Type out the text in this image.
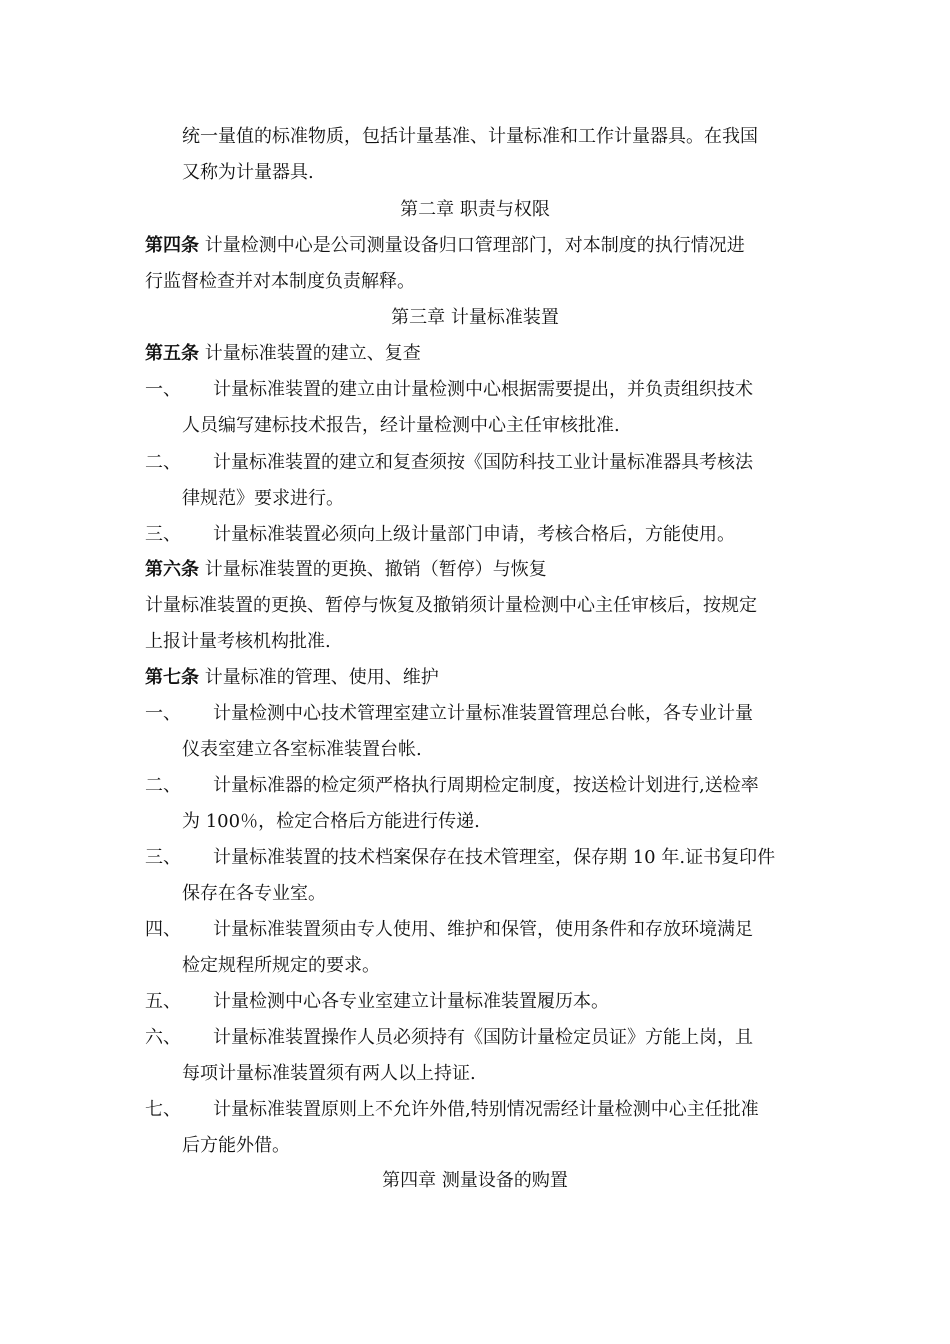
统一量值的标准物质，包括计量基准、计量标准和工作计量器具。在我国
又称为计量器具.
第二章 职责与权限
第四条 计量检测中心是公司测量设备归口管理部门，对本制度的执行情况进
行监督检查并对本制度负责解释。
第三章 计量标准装置
第五条 计量标准装置的建立、复查
一、 计量标准装置的建立由计量检测中心根据需要提出，并负责组织技术
人员编写建标技术报告，经计量检测中心主任审核批准.
二、 计量标准装置的建立和复查须按《国防科技工业计量标准器具考核法
律规范》要求进行。
三、 计量标准装置必须向上级计量部门申请，考核合格后，方能使用。
第六条 计量标准装置的更换、撤销（暂停）与恢复
计量标准装置的更换、暂停与恢复及撤销须计量检测中心主任审核后，按规定
上报计量考核机构批准.
第七条 计量标准的管理、使用、维护
一、 计量检测中心技术管理室建立计量标准装置管理总台帐，各专业计量
仪表室建立各室标准装置台帐.
二、 计量标准器的检定须严格执行周期检定制度，按送检计划进行,送检率
为 100％，检定合格后方能进行传递.
三、 计量标准装置的技术档案保存在技术管理室，保存期 10 年.证书复印件
保存在各专业室。
四、 计量标准装置须由专人使用、维护和保管，使用条件和存放环境满足
检定规程所规定的要求。
五、 计量检测中心各专业室建立计量标准装置履历本。
六、 计量标准装置操作人员必须持有《国防计量检定员证》方能上岗，且
每项计量标准装置须有两人以上持证.
七、 计量标准装置原则上不允许外借,特别情况需经计量检测中心主任批准
后方能外借。
第四章 测量设备的购置
